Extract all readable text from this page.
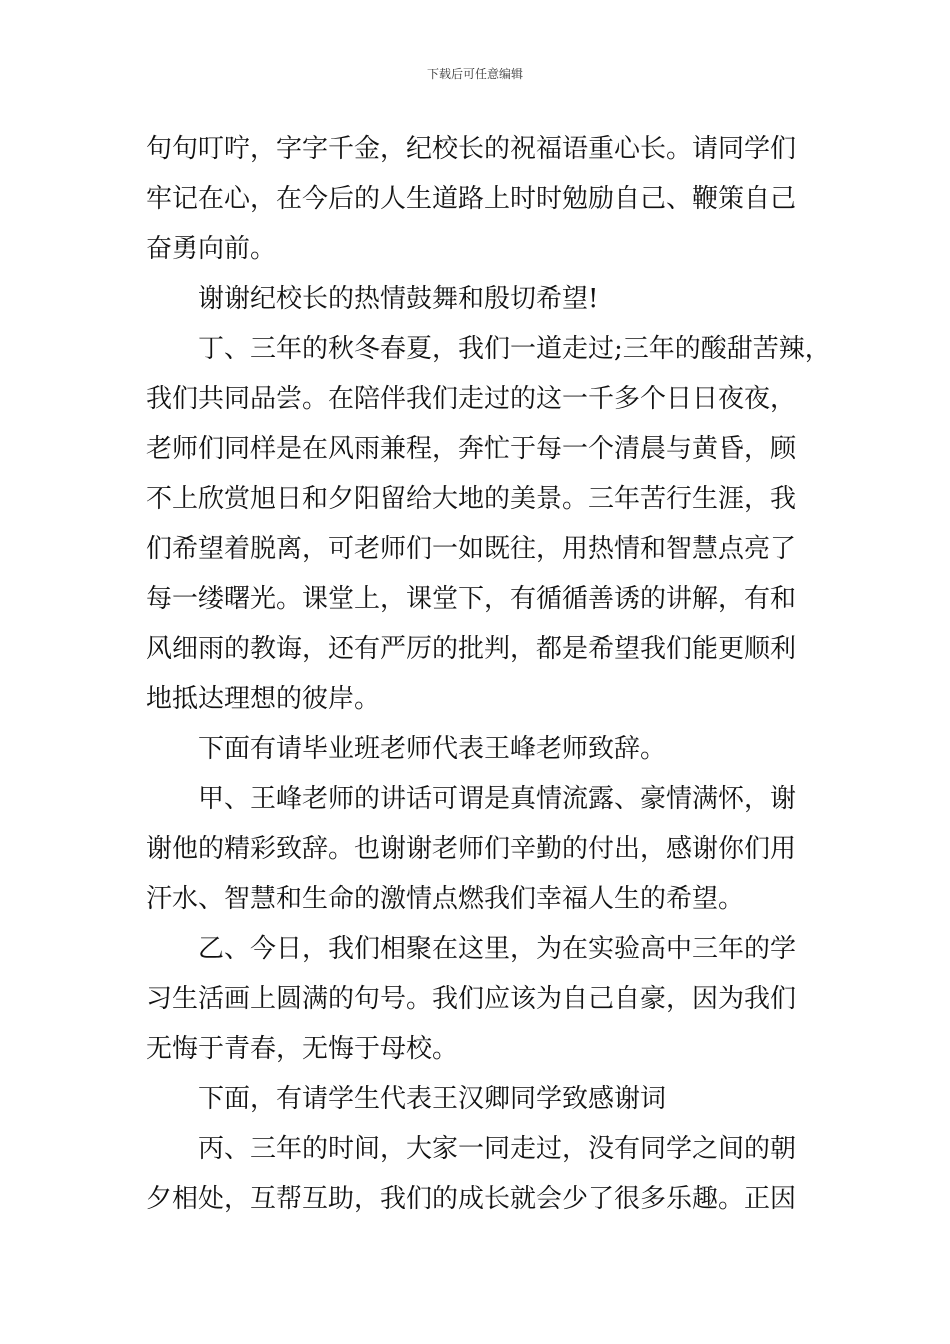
下载后可任意编辑
句句叮咛，字字千金，纪校长的祝福语重心长。请同学们
牢记在心，在今后的人生道路上时时勉励自己、鞭策自己
奋勇向前。
谢谢纪校长的热情鼓舞和殷切希望!
丁、三年的秋冬春夏，我们一道走过;三年的酸甜苦辣，
我们共同品尝。在陪伴我们走过的这一千多个日日夜夜，
老师们同样是在风雨兼程，奔忙于每一个清晨与黄昏，顾
不上欣赏旭日和夕阳留给大地的美景。三年苦行生涯，我
们希望着脱离，可老师们一如既往，用热情和智慧点亮了
每一缕曙光。课堂上，课堂下，有循循善诱的讲解，有和
风细雨的教诲，还有严厉的批判，都是希望我们能更顺利
地抵达理想的彼岸。
下面有请毕业班老师代表王峰老师致辞。
甲、王峰老师的讲话可谓是真情流露、豪情满怀，谢
谢他的精彩致辞。也谢谢老师们辛勤的付出，感谢你们用
汗水、智慧和生命的激情点燃我们幸福人生的希望。
乙、今日，我们相聚在这里，为在实验高中三年的学
习生活画上圆满的句号。我们应该为自己自豪，因为我们
无悔于青春，无悔于母校。
下面，有请学生代表王汉卿同学致感谢词
丙、三年的时间，大家一同走过，没有同学之间的朝
夕相处，互帮互助，我们的成长就会少了很多乐趣。正因
